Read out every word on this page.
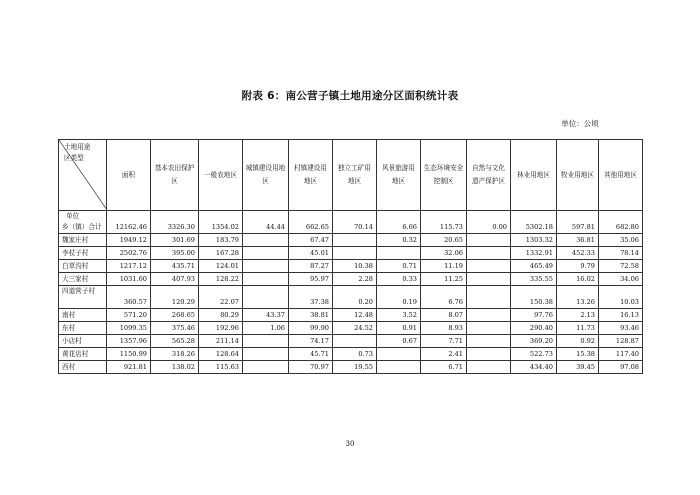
附表 6：南公营子镇土地用途分区面积统计表
单位：公顷
土地用途区类型	面积	基本农田保护区	一般农地区	城镇建设用地区	村镇建设用地区	独立工矿用地区	风景旅游用地区	生态环境安全控制区	自然与文化遗产保护区	林业用地区	牧业用地区	其他用地区

单位
乡（镇）合计	12162.46	3326.30	1354.02	44.44	662.65	70.14	6.66	115.73	0.00	5302.18	597.81	682.80
魏家庄村	1949.12	301.69	183.79		67.47		0.32	20.65		1303.32	36.81	35.06
李杖子村	2502.76	395.00	167.28		45.01			32.06		1332.91	452.33	78.14
白草沟村	1217.12	435.71	124.01		87.27	10.38	0.71	11.19		465.49	9.79	72.58
大三家村	1031.60	407.93	128.22		95.97	2.28	0.33	11.25		335.55	16.02	34.06
四道营子村	360.57	120.29	22.07		37.38	0.20	0.19	6.76		150.38	13.26	10.03
南村	571.20	268.65	80.29	43.37	38.81	12.48	3.52	8.07		97.76	2.13	16.13
东村	1099.35	375.46	192.96	1.06	99.90	24.52	0.91	8.93		290.40	11.73	93.46
小店村	1357.96	565.28	211.14		74.17		0.67	7.71		369.20	0.92	128.87
黄花店村	1150.99	318.26	128.64		45.71	0.73		2.41		522.73	15.38	117.40
西村	921.81	138.02	115.63		70.97	19.55		6.71		434.40	39.45	97.08
30
